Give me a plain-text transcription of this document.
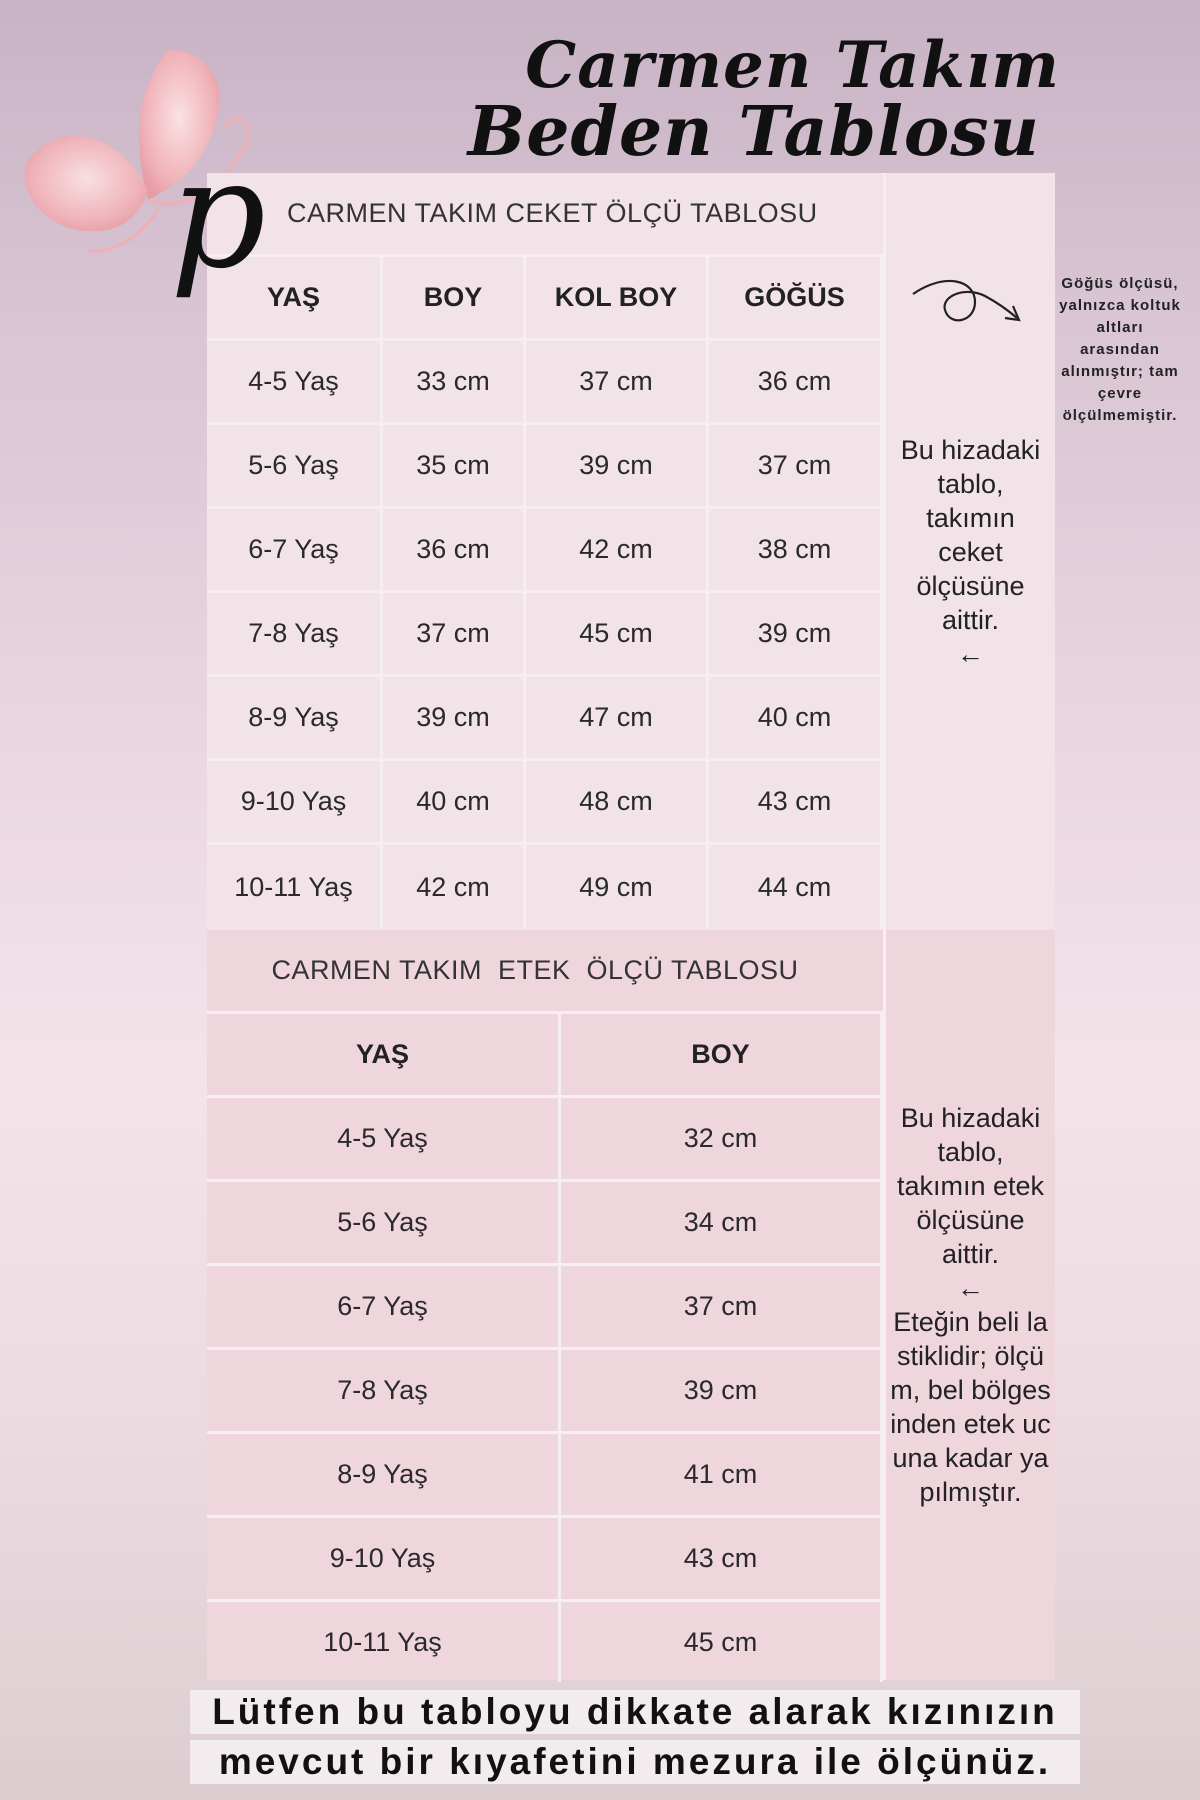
Carmen Takım
Beden Tablosu
CARMEN TAKIM CEKET ÖLÇÜ TABLOSU
YAŞ	BOY	KOL BOY	GÖĞÜS
4-5 Yaş	33 cm	37 cm	36 cm
5-6 Yaş	35 cm	39 cm	37 cm
6-7 Yaş	36 cm	42 cm	38 cm
7-8 Yaş	37 cm	45 cm	39 cm
8-9 Yaş	39 cm	47 cm	40 cm
9-10 Yaş	40 cm	48 cm	43 cm
10-11 Yaş	42 cm	49 cm	44 cm
Bu hizadaki tablo, takımın ceket ölçüsüne aittir.
←
CARMEN TAKIM  ETEK  ÖLÇÜ TABLOSU
YAŞ	BOY
4-5 Yaş	32 cm
5-6 Yaş	34 cm
6-7 Yaş	37 cm
7-8 Yaş	39 cm
8-9 Yaş	41 cm
9-10 Yaş	43 cm
10-11 Yaş	45 cm
Bu hizadaki tablo, takımın etek ölçüsüne aittir.
←
Eteğin beli lastiklidir; ölçüm, bel bölgesinden etek ucuna kadar yapılmıştır.
p	Göğüs ölçüsü, yalnızca koltuk altları arasından alınmıştır; tam çevre ölçülmemiştir.
Lütfen bu tabloyu dikkate alarak kızınızın
mevcut bir kıyafetini mezura ile ölçünüz.
